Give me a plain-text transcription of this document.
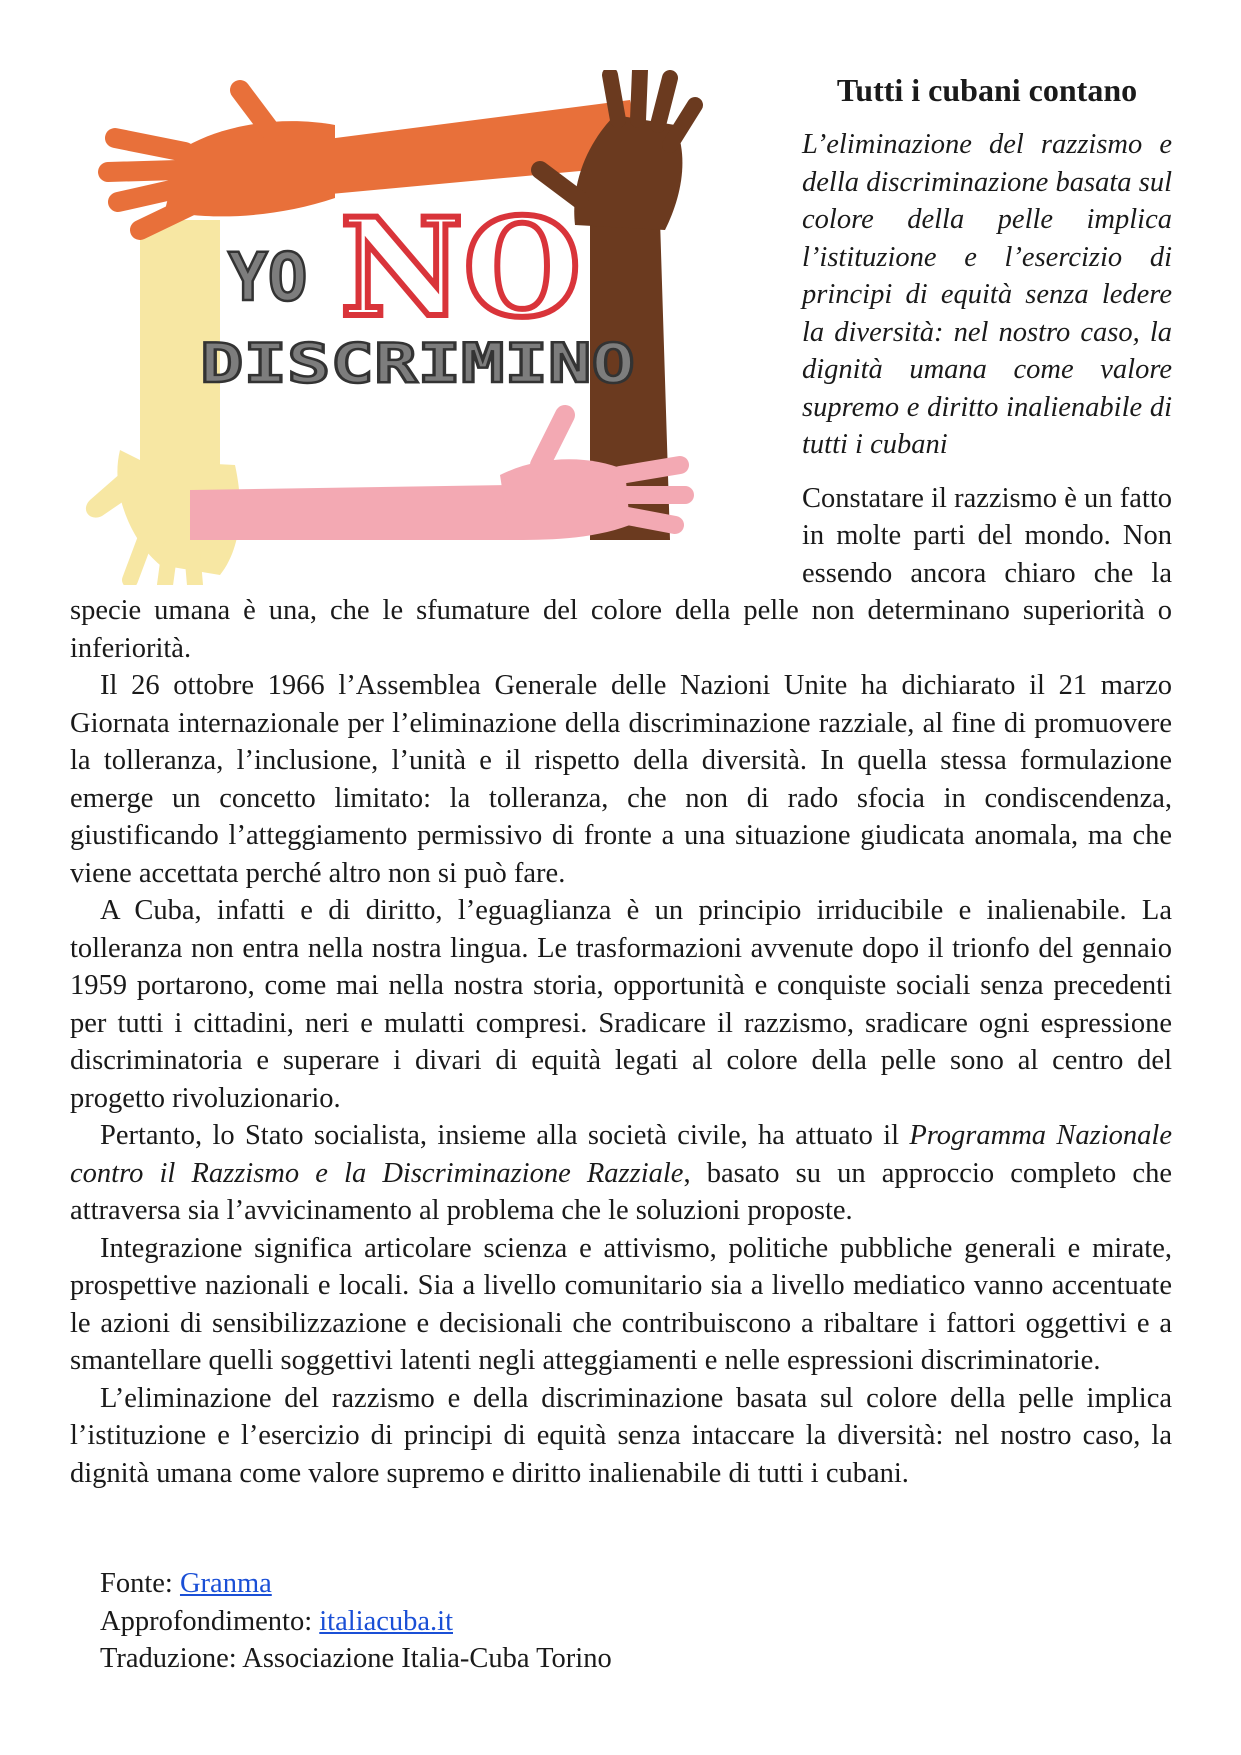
YO NO
DISCRIMINO
Tutti i cubani contano

L’eliminazione del razzismo e della discriminazione basata sul colore della pelle implica l’istituzione e l’esercizio di principi di equità senza ledere la diversità: nel nostro caso, la dignità umana come valore supremo e diritto inalienabile di tutti i cubani

Constatare il razzismo è un fatto in molte parti del mondo. Non essendo ancora chiaro che la specie umana è una, che le sfumature del colore della pelle non determinano superiorità o inferiorità.

Il 26 ottobre 1966 l’Assemblea Generale delle Nazioni Unite ha dichiarato il 21 marzo Giornata internazionale per l’eliminazione della discriminazione razziale, al fine di promuovere la tolleranza, l’inclusione, l’unità e il rispetto della diversità. In quella stessa formulazione emerge un concetto limitato: la tolleranza, che non di rado sfocia in condiscendenza, giustificando l’atteggiamento permissivo di fronte a una situazione giudicata anomala, ma che viene accettata perché altro non si può fare.

A Cuba, infatti e di diritto, l’eguaglianza è un principio irriducibile e inalienabile. La tolleranza non entra nella nostra lingua. Le trasformazioni avvenute dopo il trionfo del gennaio 1959 portarono, come mai nella nostra storia, opportunità e conquiste sociali senza precedenti per tutti i cittadini, neri e mulatti compresi. Sradicare il razzismo, sradicare ogni espressione discriminatoria e superare i divari di equità legati al colore della pelle sono al centro del progetto rivoluzionario.

Pertanto, lo Stato socialista, insieme alla società civile, ha attuato il Programma Nazionale contro il Razzismo e la Discriminazione Razziale, basato su un approccio completo che attraversa sia l’avvicinamento al problema che le soluzioni proposte.

Integrazione significa articolare scienza e attivismo, politiche pubbliche generali e mirate, prospettive nazionali e locali. Sia a livello comunitario sia a livello mediatico vanno accentuate le azioni di sensibilizzazione e decisionali che contribuiscono a ribaltare i fattori oggettivi e a smantellare quelli soggettivi latenti negli atteggiamenti e nelle espressioni discriminatorie.

L’eliminazione del razzismo e della discriminazione basata sul colore della pelle implica l’istituzione e l’esercizio di principi di equità senza intaccare la diversità: nel nostro caso, la dignità umana come valore supremo e diritto inalienabile di tutti i cubani.

Fonte: Granma
Approfondimento: italiacuba.it
Traduzione: Associazione Italia-Cuba Torino
